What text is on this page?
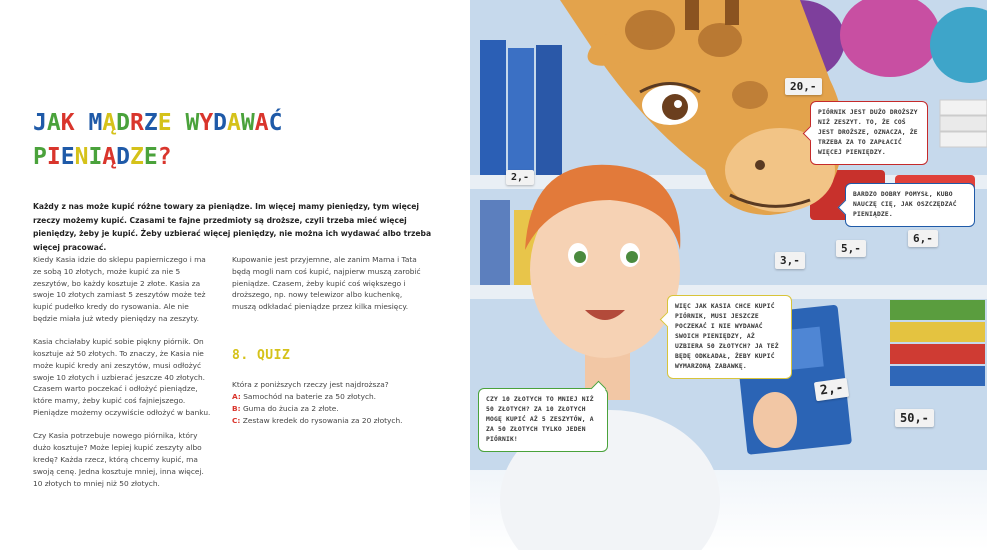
JAK MĄDRZE WYDAWAĆ
PIENIĄDZE?

Każdy z nas może kupić różne towary za pieniądze. Im więcej mamy pieniędzy, tym więcej rzeczy możemy kupić. Czasami te fajne przedmioty są droższe, czyli trzeba mieć więcej pieniędzy, żeby je kupić. Żeby uzbierać więcej pieniędzy, nie można ich wydawać albo trzeba więcej pracować.

Kiedy Kasia idzie do sklepu papierniczego i ma ze sobą 10 złotych, może kupić za nie 5 zeszytów, bo każdy kosztuje 2 złote. Kasia za swoje 10 złotych zamiast 5 zeszytów może też kupić pudełko kredy do rysowania. Ale nie będzie miała już wtedy pieniędzy na zeszyty.

Kasia chciałaby kupić sobie piękny piórnik. On kosztuje aż 50 złotych. To znaczy, że Kasia nie może kupić kredy ani zeszytów, musi odłożyć swoje 10 złotych i uzbierać jeszcze 40 złotych. Czasem warto poczekać i odłożyć pieniądze, które mamy, żeby kupić coś fajniejszego. Pieniądze możemy oczywiście odłożyć w banku.

Czy Kasia potrzebuje nowego piórnika, który dużo kosztuje? Może lepiej kupić zeszyty albo kredę? Każda rzecz, którą chcemy kupić, ma swoją cenę. Jedna kosztuje mniej, inna więcej. 10 złotych to mniej niż 50 złotych.

Kupowanie jest przyjemne, ale zanim Mama i Tata będą mogli nam coś kupić, najpierw muszą zarobić pieniądze. Czasem, żeby kupić coś większego i droższego, np. nowy telewizor albo kuchenkę, muszą odkładać pieniądze przez kilka miesięcy.

8. QUIZ

Która z poniższych rzeczy jest najdroższa?

A: Samochód na baterie za 50 złotych.
B: Guma do żucia za 2 złote.
C: Zestaw kredek do rysowania za 20 złotych.
20,-
5,-
6,-
3,-
2,-
50,-
2,-
PIÓRNIK JEST DUŻO DROŻSZY NIŻ ZESZYT. TO, ŻE COŚ JEST DROŻSZE, OZNACZA, ŻE TRZEBA ZA TO ZAPŁACIĆ WIĘCEJ PIENIĘDZY.
BARDZO DOBRY POMYSŁ, KUBO NAUCZĘ CIĘ, JAK OSZCZĘDZAĆ PIENIĄDZE.
WIĘC JAK KASIA CHCE KUPIĆ PIÓRNIK, MUSI JESZCZE POCZEKAĆ I NIE WYDAWAĆ SWOICH PIENIĘDZY, AŻ UZBIERA 50 ZŁOTYCH? JA TEŻ BĘDĘ ODKŁADAŁ, ŻEBY KUPIĆ WYMARZONĄ ZABAWKĘ.
CZY 10 ZŁOTYCH TO MNIEJ NIŻ 50 ZŁOTYCH? ZA 10 ZŁOTYCH MOGĘ KUPIĆ AŻ 5 ZESZYTÓW, A ZA 50 ZŁOTYCH TYLKO JEDEN PIÓRNIK!
